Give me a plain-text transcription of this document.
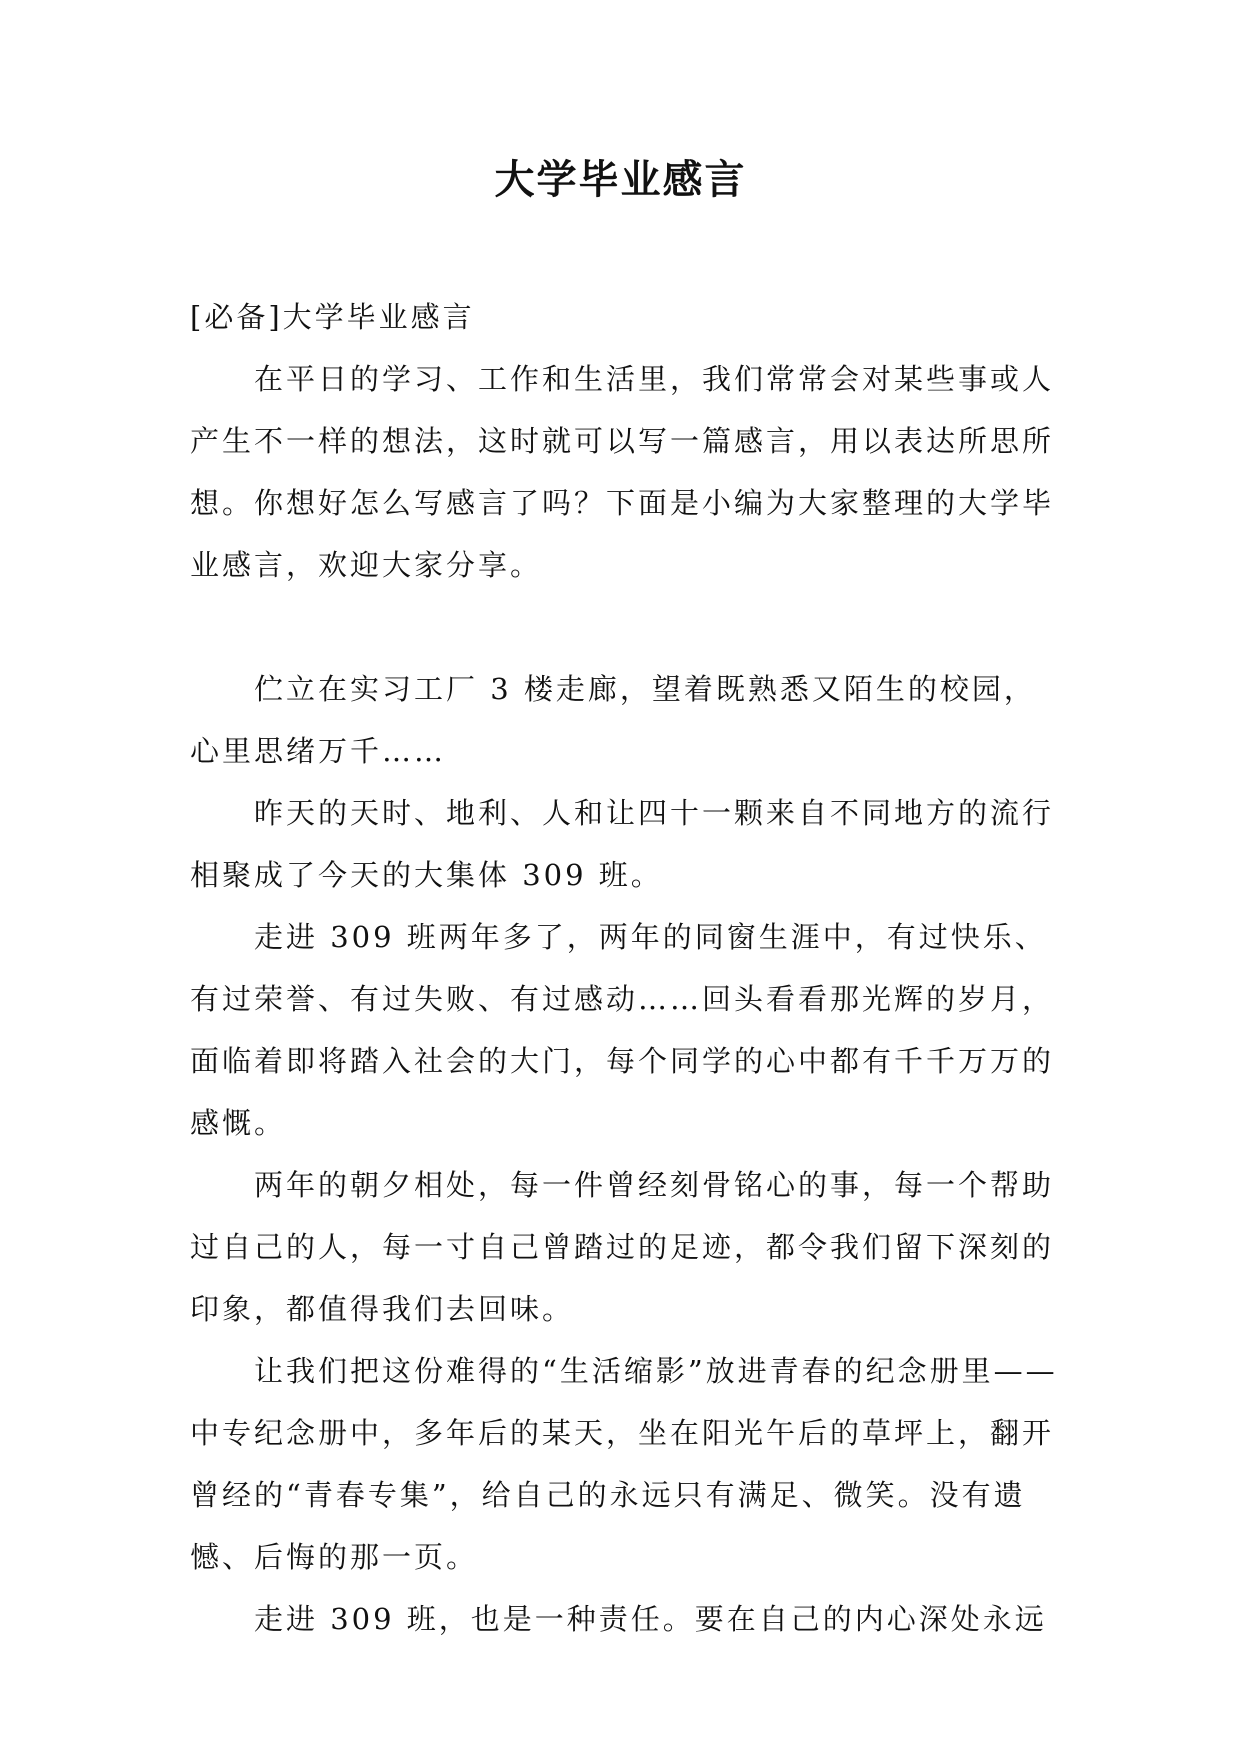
大学毕业感言

[必备]大学毕业感言

在平日的学习、工作和生活里，我们常常会对某些事或人产生不一样的想法，这时就可以写一篇感言，用以表达所思所想。你想好怎么写感言了吗？下面是小编为大家整理的大学毕业感言，欢迎大家分享。

伫立在实习工厂 3 楼走廊，望着既熟悉又陌生的校园，心里思绪万千……

昨天的天时、地利、人和让四十一颗来自不同地方的流行相聚成了今天的大集体 309 班。

走进 309 班两年多了，两年的同窗生涯中，有过快乐、有过荣誉、有过失败、有过感动……回头看看那光辉的岁月，面临着即将踏入社会的大门，每个同学的心中都有千千万万的感慨。

两年的朝夕相处，每一件曾经刻骨铭心的事，每一个帮助过自己的人，每一寸自己曾踏过的足迹，都令我们留下深刻的印象，都值得我们去回味。

让我们把这份难得的“生活缩影”放进青春的纪念册里——中专纪念册中，多年后的某天，坐在阳光午后的草坪上，翻开曾经的“青春专集”，给自己的永远只有满足、微笑。没有遗憾、后悔的那一页。

走进 309 班，也是一种责任。要在自己的内心深处永远
